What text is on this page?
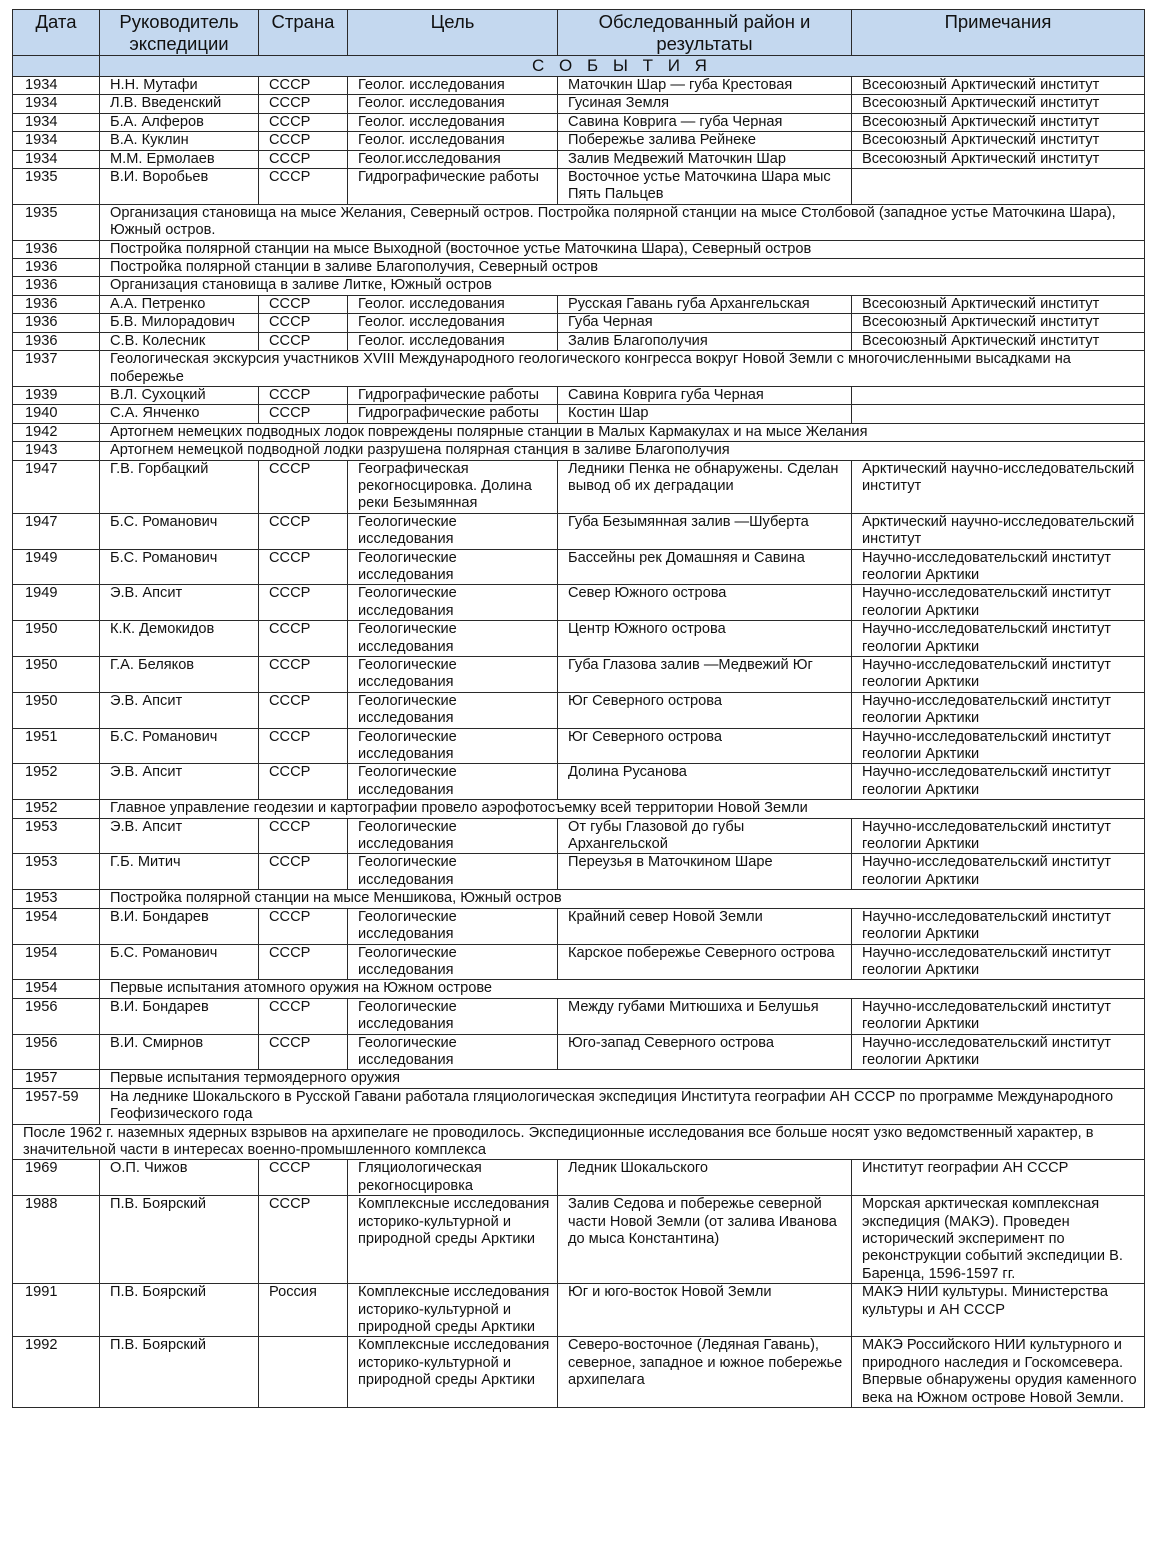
Дата	Руководитель экспедиции	Страна	Цель	Обследованный район и результаты	Примечания
	С О Б Ы Т И Я				
1934	Н.Н. Мутафи	СССР	Геолог. исследования	Маточкин Шар — губа Крестовая	Всесоюзный Арктический институт
1934	Л.В. Введенский	СССР	Геолог. исследования	Гусиная Земля	Всесоюзный Арктический институт
1934	Б.А. Алферов	СССР	Геолог. исследования	Савина Коврига — губа Черная	Всесоюзный Арктический институт
1934	В.А. Куклин	СССР	Геолог. исследования	Побережье залива Рейнеке	Всесоюзный Арктический институт
1934	М.М. Ермолаев	СССР	Геолог.исследования	Залив Медвежий Маточкин Шар	Всесоюзный Арктический институт
1935	В.И. Воробьев	СССР	Гидрографические работы	Восточное устье Маточкина Шара мыс Пять Пальцев	
1935	Организация становища на мысе Желания, Северный остров. Постройка полярной станции на мысе Столбовой (западное устье Маточкина Шара), Южный остров.				
1936	Постройка полярной станции на мысе Выходной (восточное устье Маточкина Шара), Северный остров				
1936	Постройка полярной станции в заливе Благополучия, Северный остров				
1936	Организация становища в заливе Литке, Южный остров				
1936	А.А. Петренко	СССР	Геолог. исследования	Русская Гавань губа Архангельская	Всесоюзный Арктический институт
1936	Б.В. Милорадович	СССР	Геолог. исследования	Губа Черная	Всесоюзный Арктический институт
1936	С.В. Колесник	СССР	Геолог. исследования	Залив Благополучия	Всесоюзный Арктический институт
1937	Геологическая экскурсия участников XVIII Международного геологического конгресса вокруг Новой Земли с многочисленными высадками на побережье				
1939	В.Л. Сухоцкий	СССР	Гидрографические работы	Савина Коврига губа Черная	
1940	С.А. Янченко	СССР	Гидрографические работы	Костин Шар	
1942	Артогнем немецких подводных лодок повреждены полярные станции в Малых Кармакулах и на мысе Желания				
1943	Артогнем немецкой подводной лодки разрушена полярная станция в заливе Благополучия				
1947	Г.В. Горбацкий	СССР	Географическая рекогносцировка. Долина реки Безымянная	Ледники Пенка не обнаружены. Сделан вывод об их деградации	Арктический научно-исследовательский институт
1947	Б.С. Романович	СССР	Геологические исследования	Губа Безымянная залив —Шуберта	Арктический научно-исследовательский институт
1949	Б.С. Романович	СССР	Геологические исследования	Бассейны рек Домашняя и Савина	Научно-исследовательский институт геологии Арктики
1949	Э.В. Апсит	СССР	Геологические исследования	Север Южного острова	Научно-исследовательский институт геологии Арктики
1950	К.К. Демокидов	СССР	Геологические исследования	Центр Южного острова	Научно-исследовательский институт геологии Арктики
1950	Г.А. Беляков	СССР	Геологические исследования	Губа Глазова залив —Медвежий Юг	Научно-исследовательский институт геологии Арктики
1950	Э.В. Апсит	СССР	Геологические исследования	Юг Северного острова	Научно-исследовательский институт геологии Арктики
1951	Б.С. Романович	СССР	Геологические исследования	Юг Северного острова	Научно-исследовательский институт геологии Арктики
1952	Э.В. Апсит	СССР	Геологические исследования	Долина Русанова	Научно-исследовательский институт геологии Арктики
1952	Главное управление геодезии и картографии провело аэрофотосъемку всей территории Новой Земли				
1953	Э.В. Апсит	СССР	Геологические исследования	От губы Глазовой до губы Архангельской	Научно-исследовательский институт геологии Арктики
1953	Г.Б. Митич	СССР	Геологические исследования	Переузья в Маточкином Шаре	Научно-исследовательский институт геологии Арктики
1953	Постройка полярной станции на мысе Меншикова, Южный остров				
1954	В.И. Бондарев	СССР	Геологические исследования	Крайний север Новой Земли	Научно-исследовательский институт геологии Арктики
1954	Б.С. Романович	СССР	Геологические исследования	Карское побережье Северного острова	Научно-исследовательский институт геологии Арктики
1954	Первые испытания атомного оружия на Южном острове				
1956	В.И. Бондарев	СССР	Геологические исследования	Между губами Митюшиха и Белушья	Научно-исследовательский институт геологии Арктики
1956	В.И. Смирнов	СССР	Геологические исследования	Юго-запад Северного острова	Научно-исследовательский институт геологии Арктики
1957	Первые испытания термоядерного оружия				
1957-59	На леднике Шокальского в Русской Гавани работала гляциологическая экспедиция Института географии АН СССР по программе Международного Геофизического года				
После 1962 г. наземных ядерных взрывов на архипелаге не проводилось. Экспедиционные исследования все больше носят узко ведомственный характер, в значительной части в интересах военно-промышленного комплекса					
1969	О.П. Чижов	СССР	Гляциологическая рекогносцировка	Ледник Шокальского	Институт географии АН СССР
1988	П.В. Боярский	СССР	Комплексные исследования историко-культурной и природной среды Арктики	Залив Седова и побережье северной части Новой Земли (от залива Иванова до мыса Константина)	Морская арктическая комплексная экспедиция (МАКЭ). Проведен исторический эксперимент по реконструкции событий экспедиции В. Баренца, 1596-1597 гг.
1991	П.В. Боярский	Россия	Комплексные исследования историко-культурной и природной среды Арктики	Юг и юго-восток Новой Земли	МАКЭ НИИ культуры. Министерства культуры и АН СССР
1992	П.В. Боярский		Комплексные исследования историко-культурной и природной среды Арктики	Северо-восточное (Ледяная Гавань), северное, западное и южное побережье архипелага	МАКЭ Российского НИИ культурного и природного наследия и Госкомсевера. Впервые обнаружены орудия каменного века на Южном острове Новой Земли.
